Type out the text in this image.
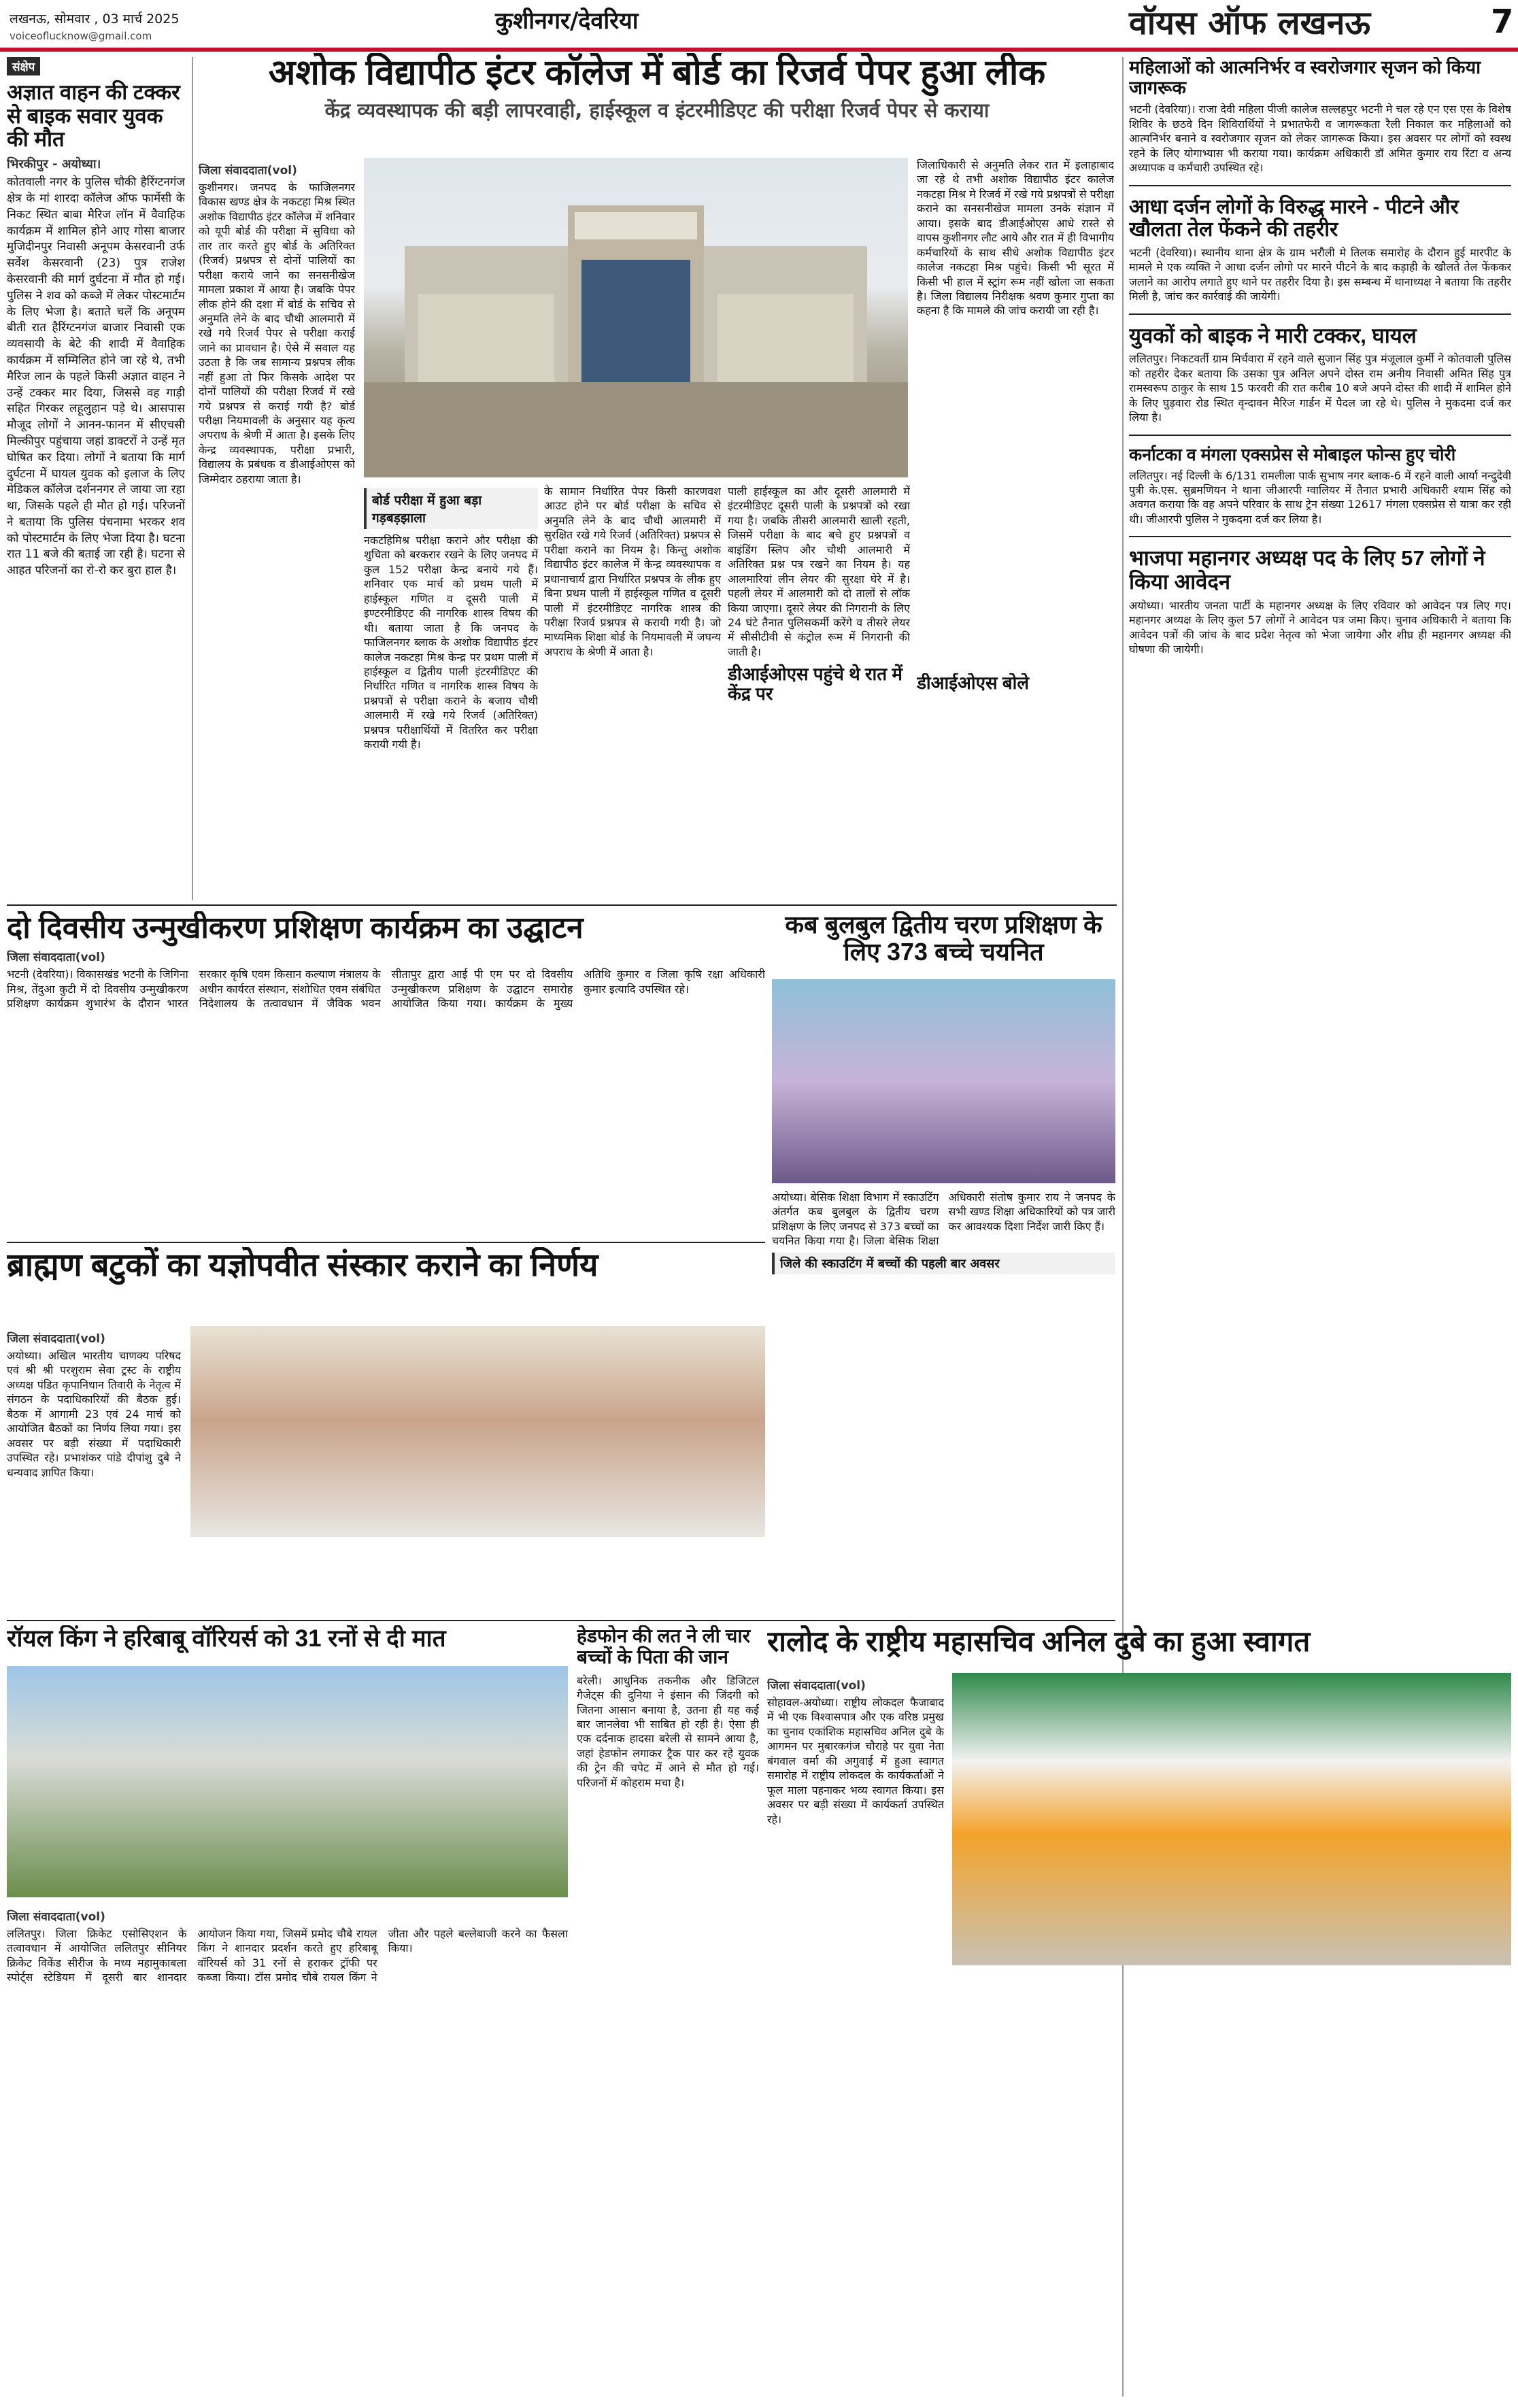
लखनऊ, सोमवार , 03 मार्च 2025
voiceoflucknow@gmail.com
कुशीनगर/देवरिया	वॉयस ऑफ लखनऊ	7
संक्षेप
अज्ञात वाहन की टक्कर से बाइक सवार युवक की मौत
भिरकीपुर - अयोध्या।
कोतवाली नगर के पुलिस चौकी हैरिंग्टनगंज क्षेत्र के मां शारदा कॉलेज ऑफ फार्मेसी के निकट स्थित बाबा मैरिज लॉन में वैवाहिक कार्यक्रम में शामिल होने आए गोसा बाजार मुजिदीनपुर निवासी अनूपम केसरवानी उर्फ सर्वेश केसरवानी (23) पुत्र राजेश केसरवानी की मार्ग दुर्घटना में मौत हो गई। पुलिस ने शव को कब्जे में लेकर पोस्टमार्टम के लिए भेजा है। बताते चलें कि अनूपम बीती रात हैरिंग्टनगंज बाजार निवासी एक व्यवसायी के बेटे की शादी में वैवाहिक कार्यक्रम में सम्मिलित होने जा रहे थे, तभी मैरिज लान के पहले किसी अज्ञात वाहन ने उन्हें टक्कर मार दिया, जिससे वह गाड़ी सहित गिरकर लहूलुहान पड़े थे। आसपास मौजूद लोगों ने आनन-फानन में सीएचसी मिल्कीपुर पहुंचाया जहां डाक्टरों ने उन्हें मृत घोषित कर दिया। लोगों ने बताया कि मार्ग दुर्घटना में घायल युवक को इलाज के लिए मेडिकल कॉलेज दर्शननगर ले जाया जा रहा था, जिसके पहले ही मौत हो गई। परिजनों ने बताया कि पुलिस पंचनामा भरकर शव को पोस्टमार्टम के लिए भेजा दिया है। घटना रात 11 बजे की बताई जा रही है। घटना से आहत परिजनों का रो-रो कर बुरा हाल है।
अशोक विद्यापीठ इंटर कॉलेज में बोर्ड का रिजर्व पेपर हुआ लीक
केंद्र व्यवस्थापक की बड़ी लापरवाही, हाईस्कूल व इंटरमीडिएट की परीक्षा रिजर्व पेपर से कराया
जिला संवाददाता(vol)
कुशीनगर। जनपद के फाजिलनगर विकास खण्ड क्षेत्र के नकटहा मिश्र स्थित अशोक विद्यापीठ इंटर कॉलेज में शनिवार को यूपी बोर्ड की परीक्षा में सुविधा को तार तार करते हुए बोर्ड के अतिरिक्त (रिजर्व) प्रश्नपत्र से दोनों पालियों का परीक्षा कराये जाने का सनसनीखेज मामला प्रकाश में आया है। जबकि पेपर लीक होने की दशा में बोर्ड के सचिव से अनुमति लेने के बाद चौथी आलमारी में रखे गये रिजर्व पेपर से परीक्षा कराई जाने का प्रावधान है। ऐसे में सवाल यह उठता है कि जब सामान्य प्रश्नपत्र लीक नहीं हुआ तो फिर किसके आदेश पर दोनों पालियों की परीक्षा रिजर्व में रखे गये प्रश्नपत्र से कराई गयी है? बोर्ड परीक्षा नियमावली के अनुसार यह कृत्य अपराध के श्रेणी में आता है। इसके लिए केन्द्र व्यवस्थापक, परीक्षा प्रभारी, विद्यालय के प्रबंधक व डीआईओएस को जिम्मेदार ठहराया जाता है।
जिलाधिकारी से अनुमति लेकर रात में इलाहाबाद जा रहे थे तभी अशोक विद्यापीठ इंटर कालेज नकटहा मिश्र मे रिजर्व में रखे गये प्रश्नपत्रों से परीक्षा कराने का सनसनीखेज मामला उनके संज्ञान में आया। इसके बाद डीआईओएस आधे रास्ते से वापस कुशीनगर लौट आये और रात में ही विभागीय कर्मचारियों के साथ सीधे अशोक विद्यापीठ इंटर कालेज नकटहा मिश्र पहुंचे। किसी भी सूरत में किसी भी हाल में स्ट्रांग रूम नहीं खोला जा सकता है। जिला विद्यालय निरीक्षक श्रवण कुमार गुप्ता का कहना है कि मामले की जांच करायी जा रही है।
बोर्ड परीक्षा में हुआ बड़ा गड़बड़झाला
नकटहिमिश्र परीक्षा कराने और परीक्षा की शुचिता को बरकरार रखने के लिए जनपद में कुल 152 परीक्षा केन्द्र बनाये गये हैं। शनिवार एक मार्च को प्रथम पाली में हाईस्कूल गणित व दूसरी पाली में इण्टरमीडिएट की नागरिक शास्त्र विषय की थी। बताया जाता है कि जनपद के फाजिलनगर ब्लाक के अशोक विद्यापीठ इंटर कालेज नकटहा मिश्र केन्द्र पर प्रथम पाली में हाईस्कूल व द्वितीय पाली इंटरमीडिएट की निर्धारित गणित व नागरिक शास्त्र विषय के प्रश्नपत्रों से परीक्षा कराने के बजाय चौथी आलमारी में रखे गये रिजर्व (अतिरिक्त) प्रश्नपत्र परीक्षार्थियों में वितरित कर परीक्षा करायी गयी है।
के सामान निर्धारित पेपर किसी कारणवश आउट होने पर बोर्ड परीक्षा के सचिव से अनुमति लेने के बाद चौथी आलमारी में सुरक्षित रखे गये रिजर्व (अतिरिक्त) प्रश्नपत्र से परीक्षा कराने का नियम है। किन्तु अशोक विद्यापीठ इंटर कालेज में केन्द्र व्यवस्थापक व प्रधानाचार्य द्वारा निर्धारित प्रश्नपत्र के लीक हुए बिना प्रथम पाली में हाईस्कूल गणित व दूसरी पाली में इंटरमीडिएट नागरिक शास्त्र की परीक्षा रिजर्व प्रश्नपत्र से करायी गयी है। जो माध्यमिक शिक्षा बोर्ड के नियमावली में जघन्य अपराध के श्रेणी में आता है।
पाली हाईस्कूल का और दूसरी आलमारी में इंटरमीडिएट दूसरी पाली के प्रश्नपत्रों को रखा गया है। जबकि तीसरी आलमारी खाली रहती, जिसमें परीक्षा के बाद बचे हुए प्रश्नपत्रों व बाइंडिंग स्लिप और चौथी आलमारी में अतिरिक्त प्रश्न पत्र रखने का नियम है। यह आलमारियां लीन लेयर की सुरक्षा घेरे में है। पहली लेयर में आलमारी को दो तालों से लॉक किया जाएगा। दूसरे लेयर की निगरानी के लिए 24 घंटे तैनात पुलिसकर्मी करेंगे व तीसरे लेयर में सीसीटीवी से कंट्रोल रूम में निगरानी की जाती है।
डीआईओएस पहुंचे थे रात में केंद्र पर
डीआईओएस बोले
महिलाओं को आत्मनिर्भर व स्वरोजगार सृजन को किया जागरूक
भटनी (देवरिया)। राजा देवी महिला पीजी कालेज सल्लहपुर भटनी मे चल रहे एन एस एस के विशेष शिविर के छठवे दिन शिविरार्थियों ने प्रभातफेरी व जागरूकता रैली निकाल कर महिलाओं को आत्मनिर्भर बनाने व स्वरोजगार सृजन को लेकर जागरूक किया। इस अवसर पर लोगों को स्वस्थ रहने के लिए योगाभ्यास भी कराया गया। कार्यक्रम अधिकारी डॉ अमित कुमार राय रिंटा व अन्य अध्यापक व कर्मचारी उपस्थित रहे।
आधा दर्जन लोगों के विरुद्ध मारने - पीटने और खौलता तेल फेंकने की तहरीर
भटनी (देवरिया)। स्थानीय थाना क्षेत्र के ग्राम भरौली मे तिलक समारोह के दौरान हुई मारपीट के मामले मे एक व्यक्ति ने आधा दर्जन लोगो पर मारने पीटने के बाद कड़ाही के खौलते तेल फेंककर जलाने का आरोप लगाते हुए थाने पर तहरीर दिया है। इस सम्बन्ध में थानाध्यक्ष ने बताया कि तहरीर मिली है, जांच कर कार्रवाई की जायेगी।
युवकों को बाइक ने मारी टक्कर, घायल
ललितपुर। निकटवर्ती ग्राम मिर्चवारा में रहने वाले सुजान सिंह पुत्र मंजूलाल कुर्मी ने कोतवाली पुलिस को तहरीर देकर बताया कि उसका पुत्र अनिल अपने दोस्त राम अनीय निवासी अमित सिंह पुत्र रामस्वरूप ठाकुर के साथ 15 फरवरी की रात करीब 10 बजे अपने दोस्त की शादी में शामिल होने के लिए घुड़वारा रोड स्थित वृन्दावन मैरिज गार्डन में पैदल जा रहे थे। पुलिस ने मुकदमा दर्ज कर लिया है।
कर्नाटका व मंगला एक्सप्रेस से मोबाइल फोन्स हुए चोरी
ललितपुर। नई दिल्ली के 6/131 रामलीला पार्क सुभाष नगर ब्लाक-6 में रहने वाली आर्या नन्दुदेवी पुत्री के.एस. सुब्रमणियन ने थाना जीआरपी ग्वालियर में तैनात प्रभारी अधिकारी श्याम सिंह को अवगत कराया कि वह अपने परिवार के साथ ट्रेन संख्या 12617 मंगला एक्सप्रेस से यात्रा कर रही थी। जीआरपी पुलिस ने मुकदमा दर्ज कर लिया है।
भाजपा महानगर अध्यक्ष पद के लिए 57 लोगों ने किया आवेदन
अयोध्या। भारतीय जनता पार्टी के महानगर अध्यक्ष के लिए रविवार को आवेदन पत्र लिए गए। महानगर अध्यक्ष के लिए कुल 57 लोगों ने आवेदन पत्र जमा किए। चुनाव अधिकारी ने बताया कि आवेदन पत्रों की जांच के बाद प्रदेश नेतृत्व को भेजा जायेगा और शीघ्र ही महानगर अध्यक्ष की घोषणा की जायेगी।
दो दिवसीय उन्मुखीकरण प्रशिक्षण कार्यक्रम का उद्घाटन
जिला संवाददाता(vol)
भटनी (देवरिया)। विकासखंड भटनी के जिगिना मिश्र, तेंदुआ कुटी में दो दिवसीय उन्मुखीकरण प्रशिक्षण कार्यक्रम शुभारंभ के दौरान भारत सरकार कृषि एवम किसान कल्याण मंत्रालय के अधीन कार्यरत संस्थान, संशोधित एवम संबंधित निदेशालय के तत्वावधान में जैविक भवन सीतापुर द्वारा आई पी एम पर दो दिवसीय उन्मुखीकरण प्रशिक्षण के उद्घाटन समारोह आयोजित किया गया। कार्यक्रम के मुख्य अतिथि कुमार व जिला कृषि रक्षा अधिकारी कुमार इत्यादि उपस्थित रहे।
कब बुलबुल द्वितीय चरण प्रशिक्षण के लिए 373 बच्चे चयनित
अयोध्या। बेसिक शिक्षा विभाग में स्काउटिंग अंतर्गत कब बुलबुल के द्वितीय चरण प्रशिक्षण के लिए जनपद से 373 बच्चों का चयनित किया गया है। जिला बेसिक शिक्षा अधिकारी संतोष कुमार राय ने जनपद के सभी खण्ड शिक्षा अधिकारियों को पत्र जारी कर आवश्यक दिशा निर्देश जारी किए हैं।
जिले की स्काउटिंग में बच्चों की पहली बार अवसर
ब्राह्मण बटुकों का यज्ञोपवीत संस्कार कराने का निर्णय
जिला संवाददाता(vol)
अयोध्या। अखिल भारतीय चाणक्य परिषद एवं श्री श्री परशुराम सेवा ट्रस्ट के राष्ट्रीय अध्यक्ष पंडित कृपानिधान तिवारी के नेतृत्व में संगठन के पदाधिकारियों की बैठक हुई। बैठक में आगामी 23 एवं 24 मार्च को आयोजित बैठकों का निर्णय लिया गया। इस अवसर पर बड़ी संख्या में पदाधिकारी उपस्थित रहे। प्रभाशंकर पांडे दीपांशु दुबे ने धन्यवाद ज्ञापित किया।
रॉयल किंग ने हरिबाबू वॉरियर्स को 31 रनों से दी मात
जिला संवाददाता(vol)
ललितपुर। जिला क्रिकेट एसोसिएशन के तत्वावधान में आयोजित ललितपुर सीनियर क्रिकेट विकेंड सीरीज के मध्य महामुकाबला स्पोर्ट्स स्टेडियम में दूसरी बार शानदार आयोजन किया गया, जिसमें प्रमोद चौबे रायल किंग ने शानदार प्रदर्शन करते हुए हरिबाबू वॉरियर्स को 31 रनों से हराकर ट्रॉफी पर कब्जा किया। टॉस प्रमोद चौबे रायल किंग ने जीता और पहले बल्लेबाजी करने का फैसला किया।
हेडफोन की लत ने ली चार बच्चों के पिता की जान
बरेली। आधुनिक तकनीक और डिजिटल गैजेट्स की दुनिया ने इंसान की जिंदगी को जितना आसान बनाया है, उतना ही यह कई बार जानलेवा भी साबित हो रही है। ऐसा ही एक दर्दनाक हादसा बरेली से सामने आया है, जहां हेडफोन लगाकर ट्रैक पार कर रहे युवक की ट्रेन की चपेट में आने से मौत हो गई। परिजनों में कोहराम मचा है।
रालोद के राष्ट्रीय महासचिव अनिल दुबे का हुआ स्वागत
जिला संवाददाता(vol)
सोहावल-अयोध्या। राष्ट्रीय लोकदल फैजाबाद में भी एक विश्वासपात्र और एक वरिष्ठ प्रमुख का चुनाव एकांशिक महासचिव अनिल दुबे के आगमन पर मुबारकगंज चौराहे पर युवा नेता बंगवाल वर्मा की अगुवाई में हुआ स्वागत समारोह में राष्ट्रीय लोकदल के कार्यकर्ताओं ने फूल माला पहनाकर भव्य स्वागत किया। इस अवसर पर बड़ी संख्या में कार्यकर्ता उपस्थित रहे।
